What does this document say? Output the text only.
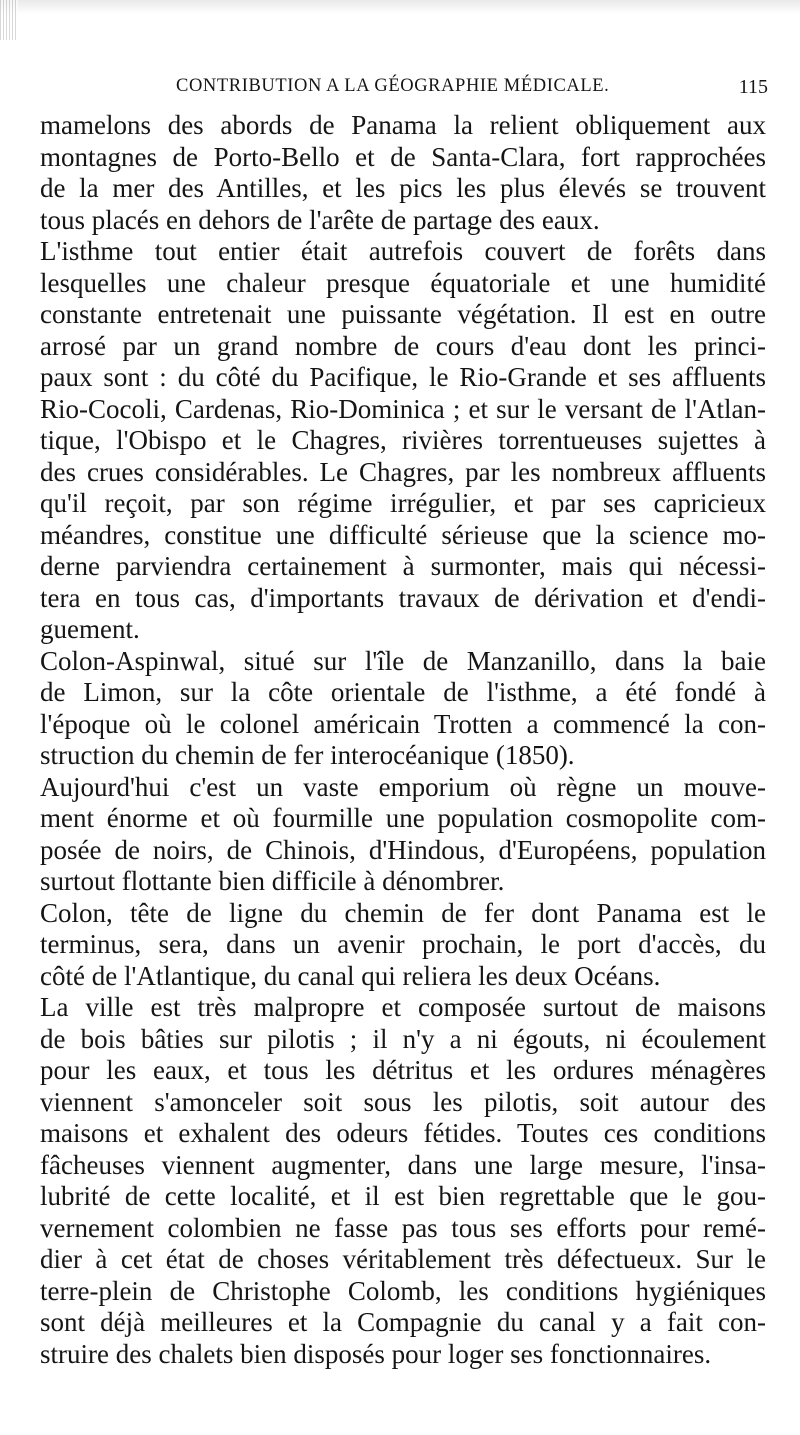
CONTRIBUTION A LA GÉOGRAPHIE MÉDICALE.	115
mamelons des abords de Panama la relient obliquement aux
montagnes de Porto-Bello et de Santa-Clara, fort rapprochées
de la mer des Antilles, et les pics les plus élevés se trouvent
tous placés en dehors de l'arête de partage des eaux.
L'isthme tout entier était autrefois couvert de forêts dans
lesquelles une chaleur presque équatoriale et une humidité
constante entretenait une puissante végétation. Il est en outre
arrosé par un grand nombre de cours d'eau dont les princi-
paux sont : du côté du Pacifique, le Rio-Grande et ses affluents
Rio-Cocoli, Cardenas, Rio-Dominica ; et sur le versant de l'Atlan-
tique, l'Obispo et le Chagres, rivières torrentueuses sujettes à
des crues considérables. Le Chagres, par les nombreux affluents
qu'il reçoit, par son régime irrégulier, et par ses capricieux
méandres, constitue une difficulté sérieuse que la science mo-
derne parviendra certainement à surmonter, mais qui nécessi-
tera en tous cas, d'importants travaux de dérivation et d'endi-
guement.
Colon-Aspinwal, situé sur l'île de Manzanillo, dans la baie
de Limon, sur la côte orientale de l'isthme, a été fondé à
l'époque où le colonel américain Trotten a commencé la con-
struction du chemin de fer interocéanique (1850).
Aujourd'hui c'est un vaste emporium où règne un mouve-
ment énorme et où fourmille une population cosmopolite com-
posée de noirs, de Chinois, d'Hindous, d'Européens, population
surtout flottante bien difficile à dénombrer.
Colon, tête de ligne du chemin de fer dont Panama est le
terminus, sera, dans un avenir prochain, le port d'accès, du
côté de l'Atlantique, du canal qui reliera les deux Océans.
La ville est très malpropre et composée surtout de maisons
de bois bâties sur pilotis ; il n'y a ni égouts, ni écoulement
pour les eaux, et tous les détritus et les ordures ménagères
viennent s'amonceler soit sous les pilotis, soit autour des
maisons et exhalent des odeurs fétides. Toutes ces conditions
fâcheuses viennent augmenter, dans une large mesure, l'insa-
lubrité de cette localité, et il est bien regrettable que le gou-
vernement colombien ne fasse pas tous ses efforts pour remé-
dier à cet état de choses véritablement très défectueux. Sur le
terre-plein de Christophe Colomb, les conditions hygiéniques
sont déjà meilleures et la Compagnie du canal y a fait con-
struire des chalets bien disposés pour loger ses fonctionnaires.
